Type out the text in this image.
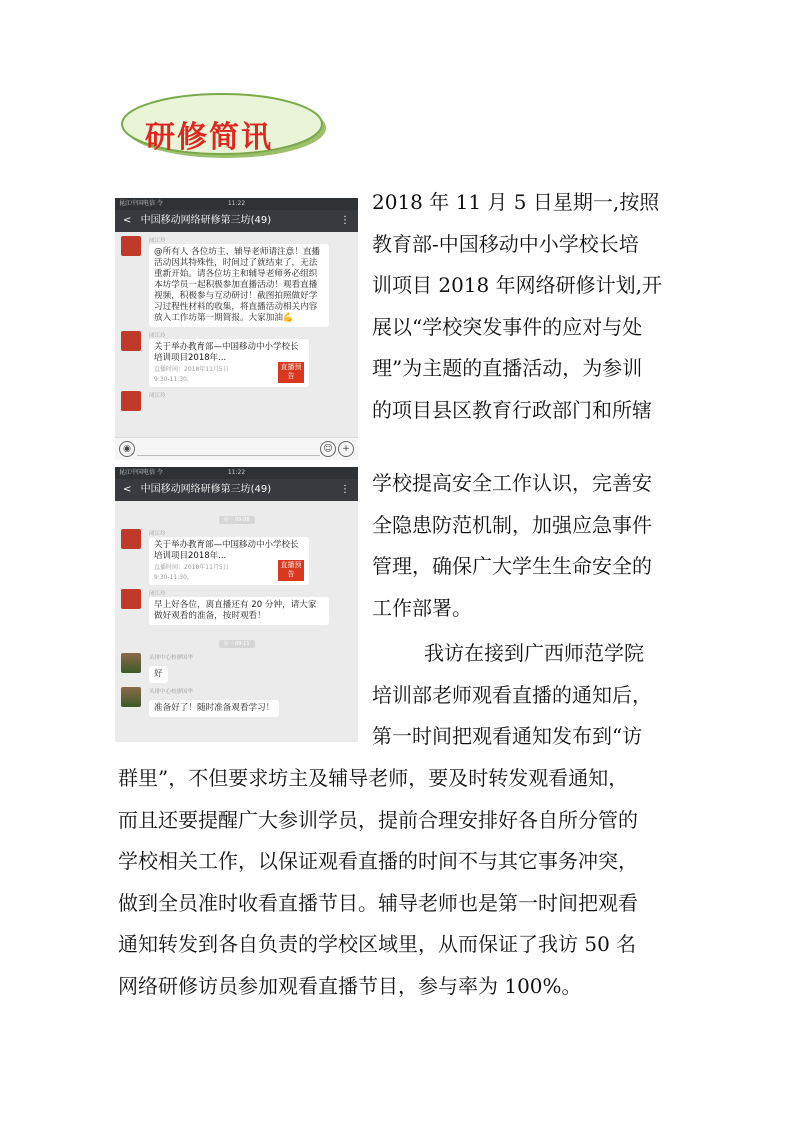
研修简讯
昆江中国电信 令	11:22
< 中国移动网络研修第三坊(49)	⋮
闭江玲
@所有人 各位坊主、辅导老师请注意！直播活动因其特殊性，时间过了就结束了，无法重新开始。请各位坊主和辅导老师务必组织本坊学员一起积极参加直播活动！观看直播视频，积极参与互动研讨！截图拍照做好学习过程性材料的收集，将直播活动相关内容放入工作坊第一期简报。大家加油💪
闭江玲
关于举办教育部—中国移动中小学校长培训项目2018年...
直播时间：2018年11月5日
9:30-11:30。
直播预告
闭江玲
◉	☺	+
昆江中国电信 令	11:22
< 中国移动网络研修第三坊(49)	⋮
星一 09:08
闭江玲
关于举办教育部—中国移动中小学校长培训项目2018年...
直播时间：2018年11月5日
9:30-11:30。
直播预告
闭江玲
早上好各位，离直播还有 20 分钟，请大家做好观看的准备，按时观看！
星一 09:11
头排中心校廖国华
好
头排中心校廖国华
准备好了！随时准备观看学习！
2018 年 11 月 5 日星期一,按照
教育部-中国移动中小学校长培
训项目 2018 年网络研修计划,开
展以“学校突发事件的应对与处
理”为主题的直播活动，为参训
的项目县区教育行政部门和所辖
学校提高安全工作认识，完善安
全隐患防范机制，加强应急事件
管理，确保广大学生生命安全的
工作部署。
我访在接到广西师范学院
培训部老师观看直播的通知后，
第一时间把观看通知发布到“访
群里”，不但要求坊主及辅导老师，要及时转发观看通知，
而且还要提醒广大参训学员，提前合理安排好各自所分管的
学校相关工作，以保证观看直播的时间不与其它事务冲突，
做到全员准时收看直播节目。辅导老师也是第一时间把观看
通知转发到各自负责的学校区域里，从而保证了我访 50 名
网络研修访员参加观看直播节目，参与率为 100%。
